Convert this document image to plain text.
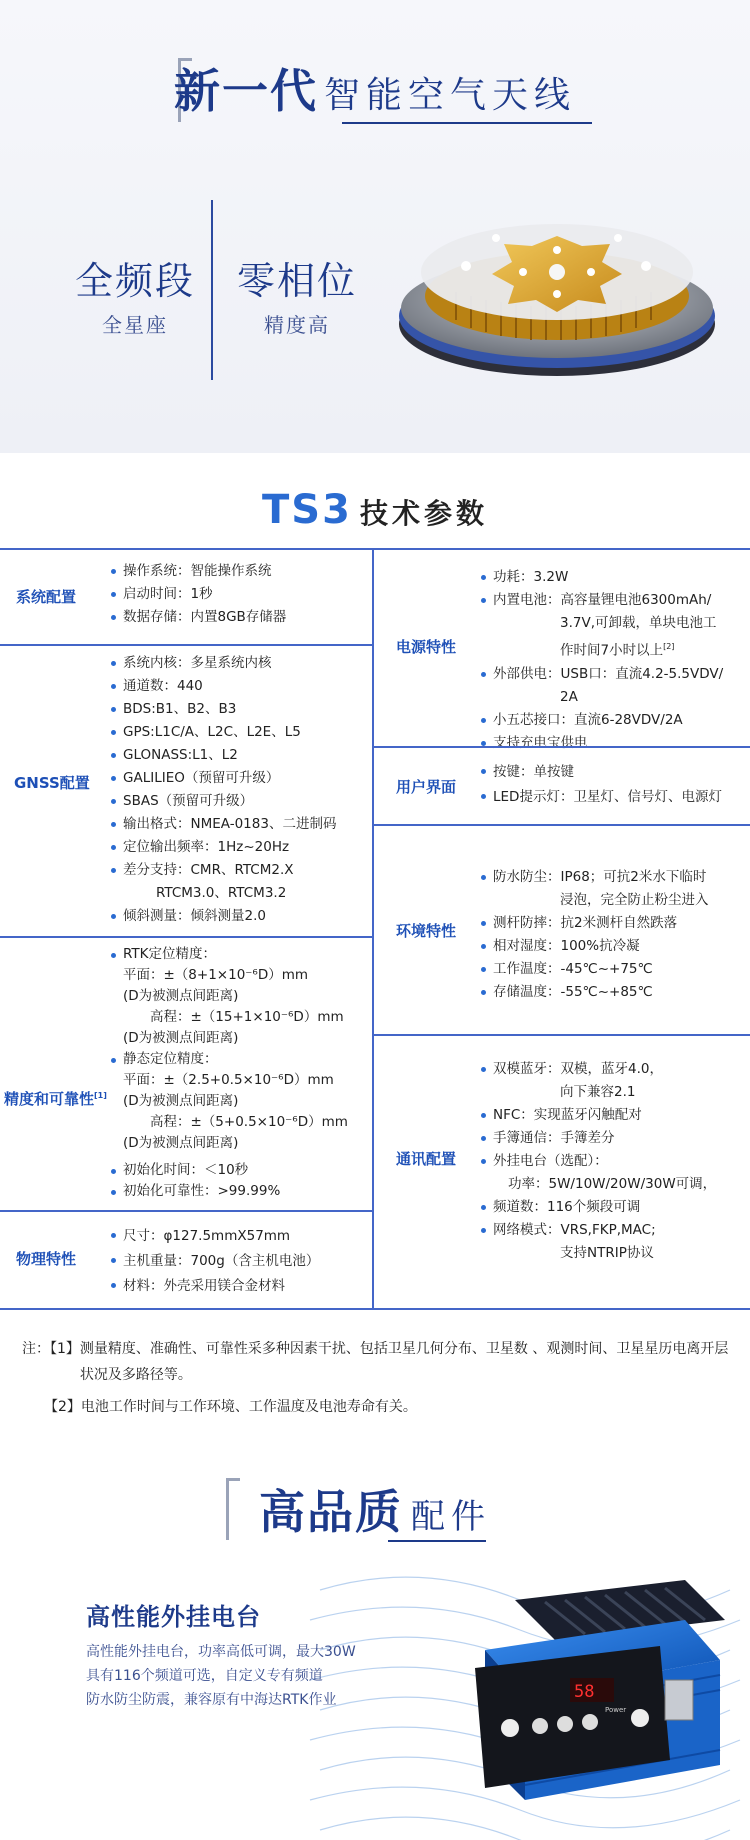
新一代 智能空气天线
全频段
全星座
零相位
精度高
TS3 技术参数
系统配置
操作系统：智能操作系统
启动时间：1秒
数据存储：内置8GB存储器
GNSS配置
系统内核：多星系统内核
通道数：440
BDS:B1、B2、B3
GPS:L1C/A、L2C、L2E、L5
GLONASS:L1、L2
GALILIEO（预留可升级）
SBAS（预留可升级）
输出格式：NMEA-0183、二进制码
定位输出频率：1Hz~20Hz
差分支持：CMR、RTCM2.X
RTCM3.0、RTCM3.2
倾斜测量：倾斜测量2.0
精度和可靠性[1]
RTK定位精度：
平面：±（8+1×10⁻⁶D）mm
(D为被测点间距离)
高程：±（15+1×10⁻⁶D）mm
(D为被测点间距离)
静态定位精度：
平面：±（2.5+0.5×10⁻⁶D）mm
(D为被测点间距离)
高程：±（5+0.5×10⁻⁶D）mm
(D为被测点间距离)
初始化时间：＜10秒
初始化可靠性：>99.99%
物理特性
尺寸：φ127.5mmX57mm
主机重量：700g（含主机电池）
材料：外壳采用镁合金材料
电源特性
功耗：3.2W
内置电池：高容量锂电池6300mAh/
3.7V,可卸载，单块电池工
作时间7小时以上[2]
外部供电：USB口：直流4.2-5.5VDV/
2A
小五芯接口：直流6-28VDV/2A
支持充电宝供电
用户界面
按键：单按键
LED提示灯：卫星灯、信号灯、电源灯
环境特性
防水防尘：IP68；可抗2米水下临时
浸泡，完全防止粉尘进入
测杆防摔：抗2米测杆自然跌落
相对湿度：100%抗冷凝
工作温度：-45℃~+75℃
存储温度：-55℃~+85℃
通讯配置
双模蓝牙：双模，蓝牙4.0，
向下兼容2.1
NFC：实现蓝牙闪触配对
手簿通信：手簿差分
外挂电台（选配）：
功率：5W/10W/20W/30W可调，
频道数：116个频段可调
网络模式：VRS,FKP,MAC;
支持NTRIP协议
注：【1】 测量精度、准确性、可靠性采多种因素干扰、包括卫星几何分布、卫星数 、观测时间、卫星星历电离开层状况及多路径等。
【2】 电池工作时间与工作环境、工作温度及电池寿命有关。
高品质 配件
高性能外挂电台
高性能外挂电台，功率高低可调，最大30W
具有116个频道可选，自定义专有频道
防水防尘防震，兼容原有中海达RTK作业	58
Power
